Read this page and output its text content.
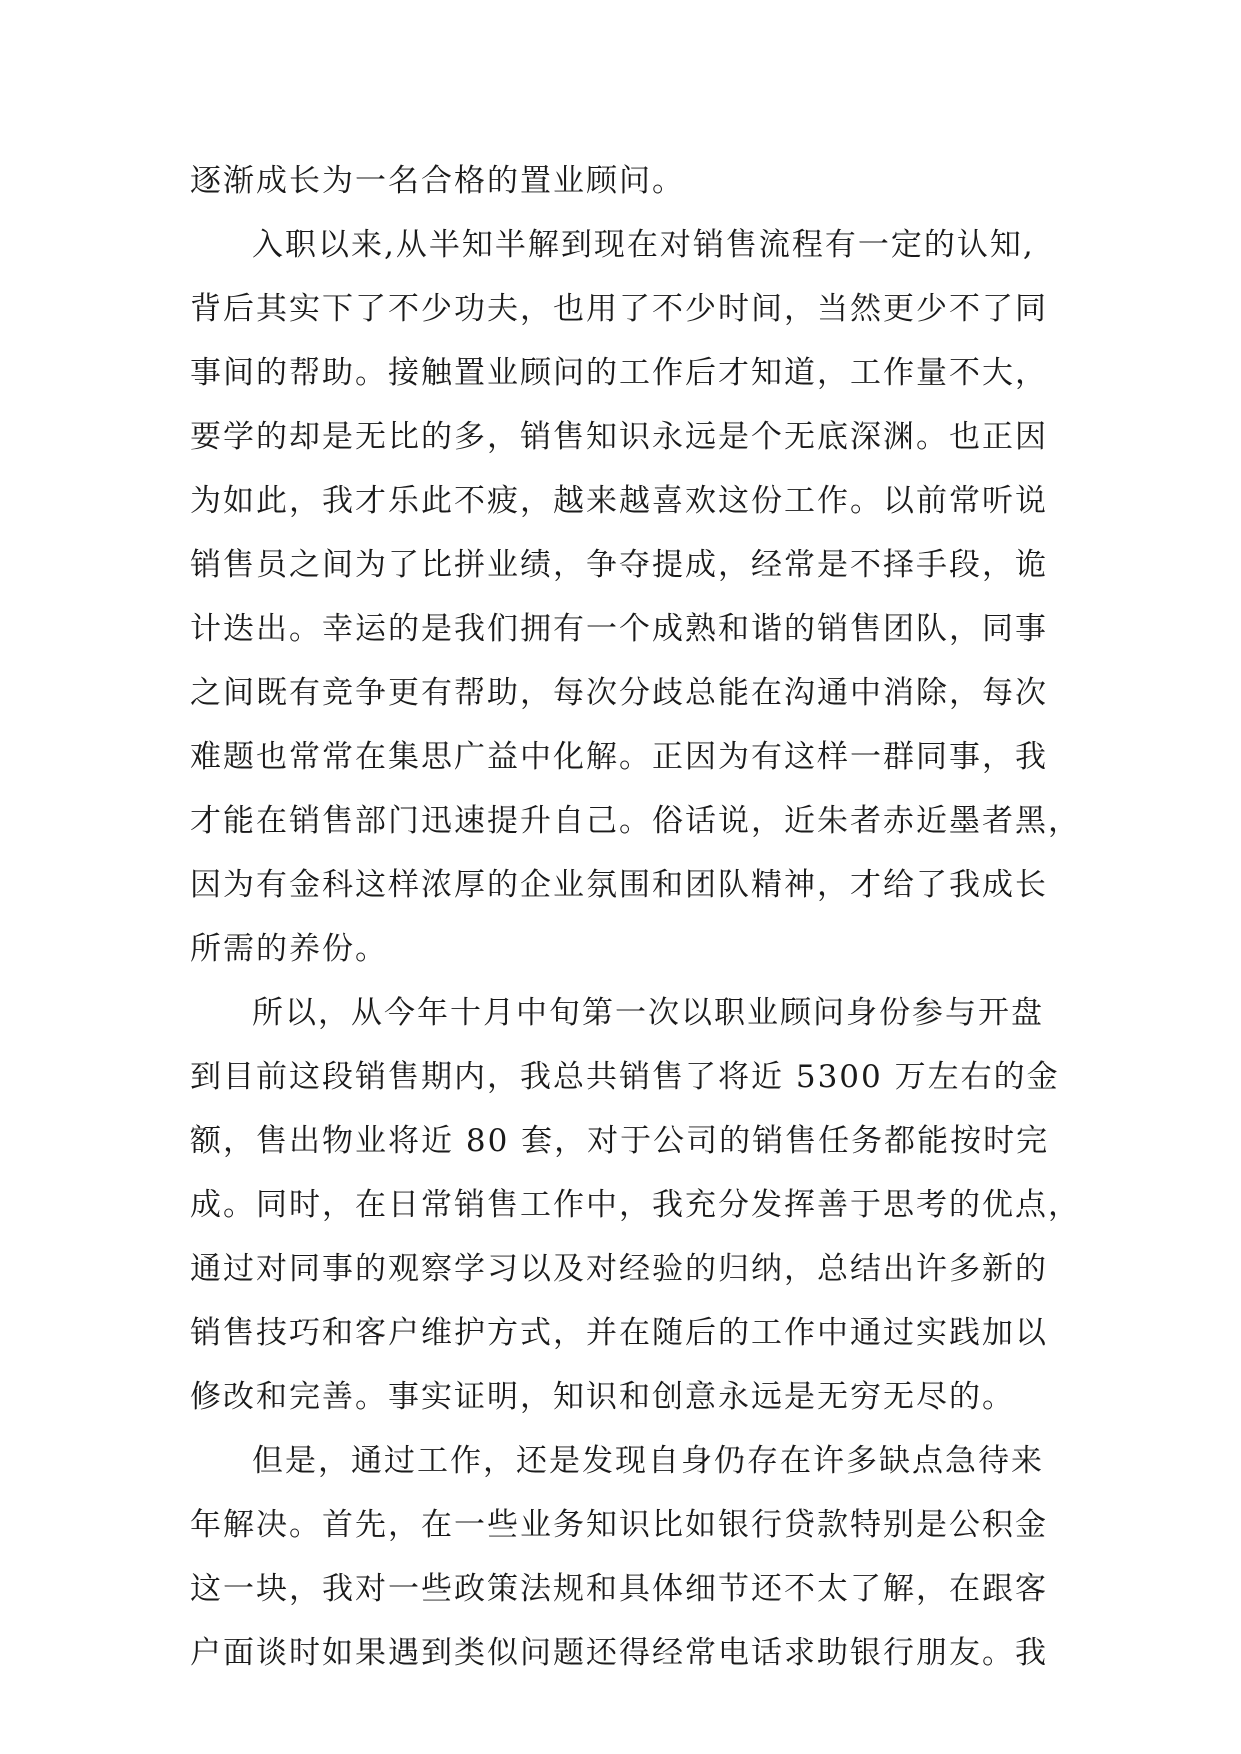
逐渐成长为一名合格的置业顾问。
入职以来,从半知半解到现在对销售流程有一定的认知,
背后其实下了不少功夫，也用了不少时间，当然更少不了同
事间的帮助。接触置业顾问的工作后才知道，工作量不大，
要学的却是无比的多，销售知识永远是个无底深渊。也正因
为如此，我才乐此不疲，越来越喜欢这份工作。以前常听说
销售员之间为了比拼业绩，争夺提成，经常是不择手段，诡
计迭出。幸运的是我们拥有一个成熟和谐的销售团队，同事
之间既有竞争更有帮助，每次分歧总能在沟通中消除，每次
难题也常常在集思广益中化解。正因为有这样一群同事，我
才能在销售部门迅速提升自己。俗话说，近朱者赤近墨者黑，
因为有金科这样浓厚的企业氛围和团队精神，才给了我成长
所需的养份。
所以，从今年十月中旬第一次以职业顾问身份参与开盘
到目前这段销售期内，我总共销售了将近 5300 万左右的金
额，售出物业将近 80 套，对于公司的销售任务都能按时完
成。同时，在日常销售工作中，我充分发挥善于思考的优点，
通过对同事的观察学习以及对经验的归纳，总结出许多新的
销售技巧和客户维护方式，并在随后的工作中通过实践加以
修改和完善。事实证明，知识和创意永远是无穷无尽的。
但是，通过工作，还是发现自身仍存在许多缺点急待来
年解决。首先，在一些业务知识比如银行贷款特别是公积金
这一块，我对一些政策法规和具体细节还不太了解，在跟客
户面谈时如果遇到类似问题还得经常电话求助银行朋友。我
